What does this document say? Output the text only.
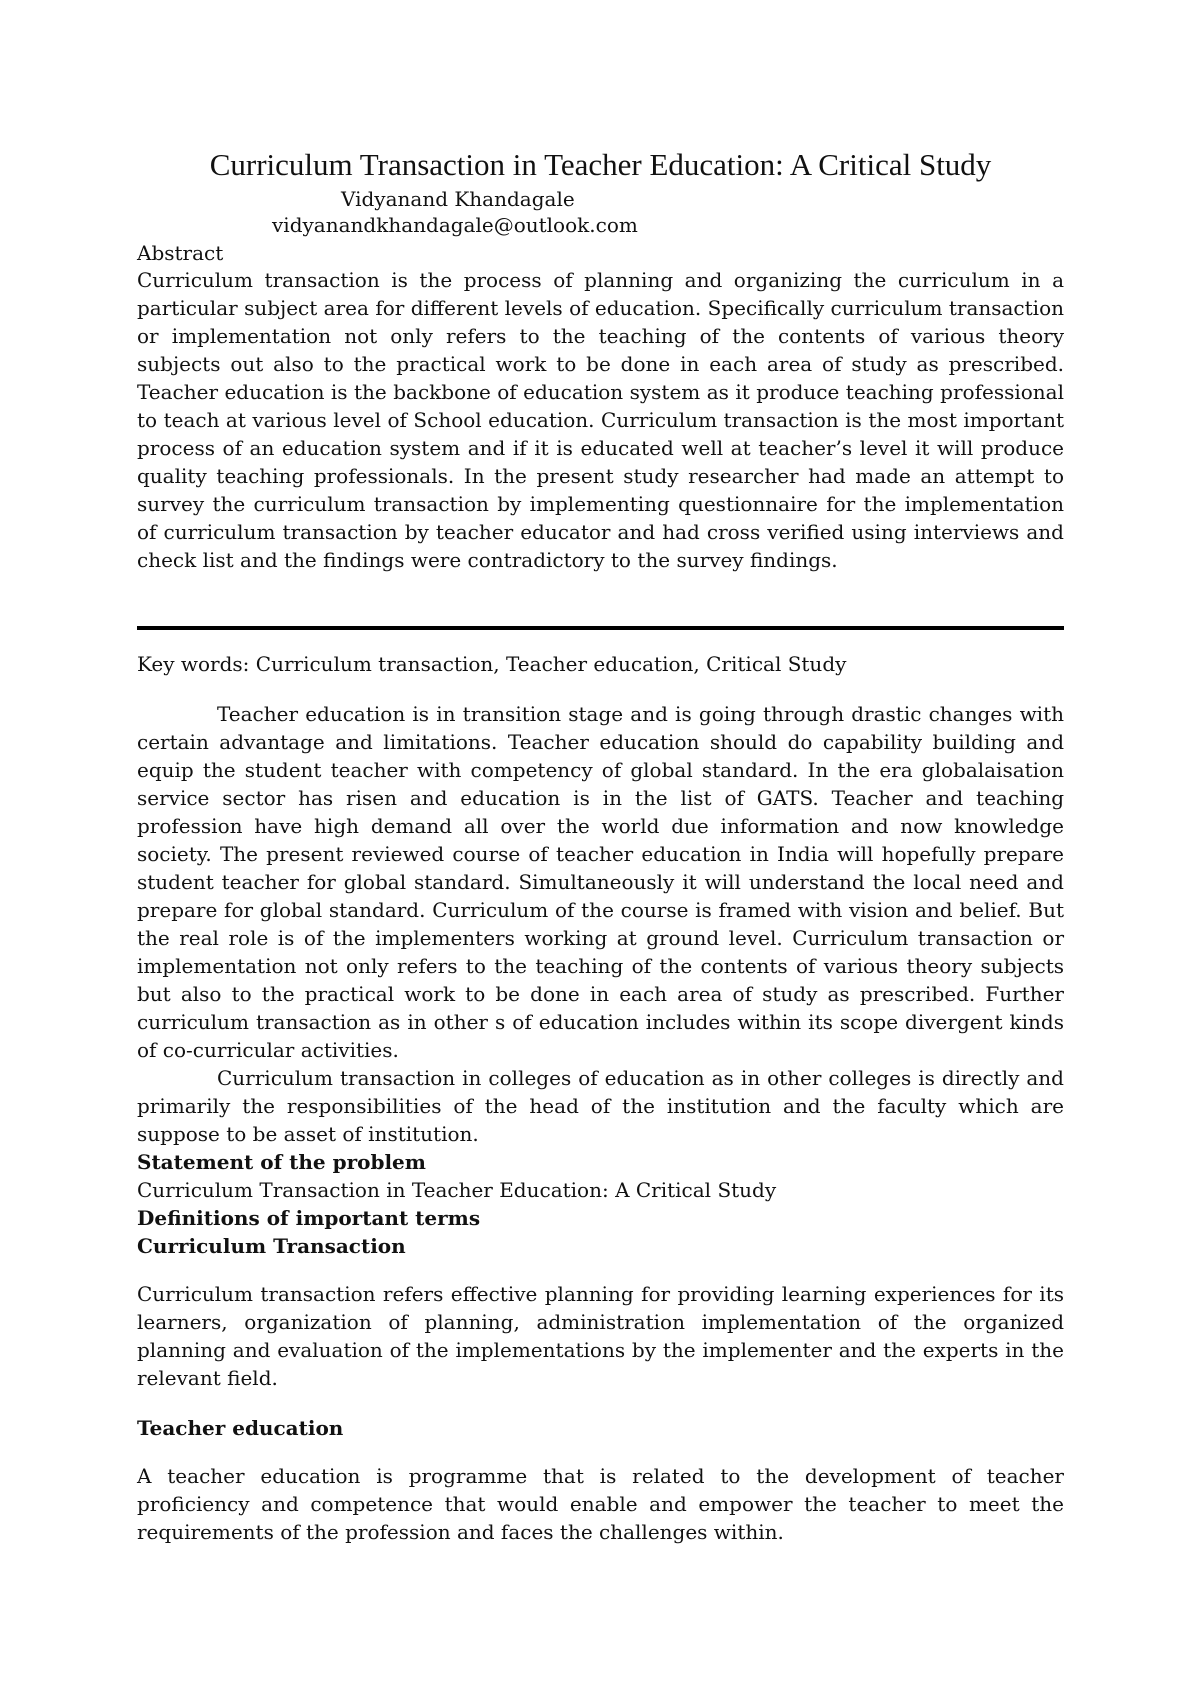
Curriculum Transaction in Teacher Education: A Critical Study

Vidyanand Khandagale

vidyanandkhandagale@outlook.com

Abstract

Curriculum transaction is the process of planning and organizing the curriculum in a particular subject area for different levels of education. Specifically curriculum transaction or implementation not only refers to the teaching of the contents of various theory subjects out also to the practical work to be done in each area of study as prescribed. Teacher education is the backbone of education system as it produce teaching professional to teach at various level of School education. Curriculum transaction is the most important process of an education system and if it is educated well at teacher’s level it will produce quality teaching professionals. In the present study researcher had made an attempt to survey the curriculum transaction by implementing questionnaire for the implementation of curriculum transaction by teacher educator and had cross verified using interviews and check list and the findings were contradictory to the survey findings.

Key words: Curriculum transaction, Teacher education, Critical Study

Teacher education is in transition stage and is going through drastic changes with certain advantage and limitations. Teacher education should do capability building and equip the student teacher with competency of global standard. In the era globalaisation service sector has risen and education is in the list of GATS. Teacher and teaching profession have high demand all over the world due information and now knowledge society. The present reviewed course of teacher education in India will hopefully prepare student teacher for global standard. Simultaneously it will understand the local need and prepare for global standard. Curriculum of the course is framed with vision and belief. But the real role is of the implementers working at ground level. Curriculum transaction or implementation not only refers to the teaching of the contents of various theory subjects but also to the practical work to be done in each area of study as prescribed. Further curriculum transaction as in other s of education includes within its scope divergent kinds of co-curricular activities.

Curriculum transaction in colleges of education as in other colleges is directly and primarily the responsibilities of the head of the institution and the faculty which are suppose to be asset of institution.

Statement of the problem

Curriculum Transaction in Teacher Education: A Critical Study

Definitions of important terms

Curriculum Transaction

Curriculum transaction refers effective planning for providing learning experiences for its learners, organization of planning, administration implementation of the organized planning and evaluation of the implementations by the implementer and the experts in the relevant field.

Teacher education

A teacher education is programme that is related to the development of teacher proficiency and competence that would enable and empower the teacher to meet the requirements of the profession and faces the challenges within.
